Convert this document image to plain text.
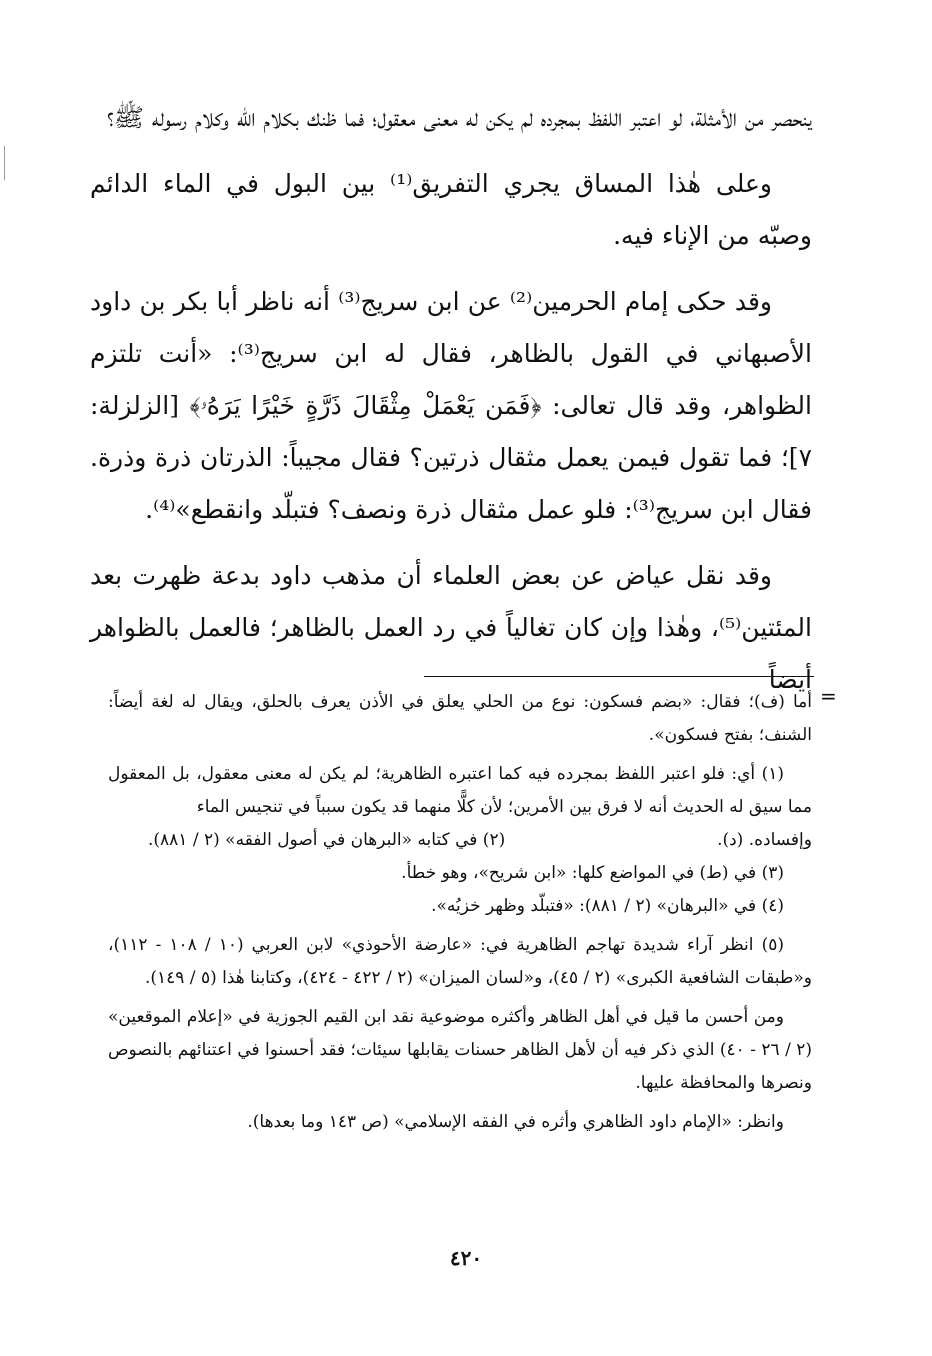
ينحصر من الأمثلة، لو اعتبر اللفظ بمجرده لم يكن له معنى معقول؛ فما ظنك بكلام الله وكلام رسوله ﷺ؟

وعلى هٰذا المساق يجري التفريق⁽¹⁾ بين البول في الماء الدائم وصبّه من الإناء فيه.

وقد حكى إمام الحرمين⁽²⁾ عن ابن سريج⁽³⁾ أنه ناظر أبا بكر بن داود الأصبهاني في القول بالظاهر، فقال له ابن سريج⁽³⁾: «أنت تلتزم الظواهر، وقد قال تعالى: ﴿فَمَن يَعْمَلْ مِثْقَالَ ذَرَّةٍ خَيْرًا يَرَهُۥ﴾ [الزلزلة: ٧]؛ فما تقول فيمن يعمل مثقال ذرتين؟ فقال مجيباً: الذرتان ذرة وذرة. فقال ابن سريج⁽³⁾: فلو عمل مثقال ذرة ونصف؟ فتبلّد وانقطع»⁽⁴⁾.

وقد نقل عياض عن بعض العلماء أن مذهب داود بدعة ظهرت بعد المئتين⁽⁵⁾، وهٰذا وإن كان تغالياً في رد العمل بالظاهر؛ فالعمل بالظواهر أيضاً

=

أما (ف)؛ فقال: «بضم فسكون: نوع من الحلي يعلق في الأذن يعرف بالحلق، ويقال له لغة أيضاً: الشنف؛ بفتح فسكون».

(١) أي: فلو اعتبر اللفظ بمجرده فيه كما اعتبره الظاهرية؛ لم يكن له معنى معقول، بل المعقول مما سيق له الحديث أنه لا فرق بين الأمرين؛ لأن كلًّا منهما قد يكون سبباً في تنجيس الماء

وإفساده. (د).
(٢) في كتابه «البرهان في أصول الفقه» (٢ / ٨٨١).

(٣) في (ط) في المواضع كلها: «ابن شريح»، وهو خطأ.

(٤) في «البرهان» (٢ / ٨٨١): «فتبلّد وظهر خزيُه».

(٥) انظر آراء شديدة تهاجم الظاهرية في: «عارضة الأحوذي» لابن العربي (١٠ / ١٠٨ - ١١٢)، و«طبقات الشافعية الكبرى» (٢ / ٤٥)، و«لسان الميزان» (٢ / ٤٢٢ - ٤٢٤)، وكتابنا هٰذا (٥ / ١٤٩).

ومن أحسن ما قيل في أهل الظاهر وأكثره موضوعية نقد ابن القيم الجوزية في «إعلام الموقعين» (٢ / ٢٦ - ٤٠) الذي ذكر فيه أن لأهل الظاهر حسنات يقابلها سيئات؛ فقد أحسنوا في اعتنائهم بالنصوص ونصرها والمحافظة عليها.

وانظر: «الإمام داود الظاهري وأثره في الفقه الإسلامي» (ص ١٤٣ وما بعدها).

٤٢٠
